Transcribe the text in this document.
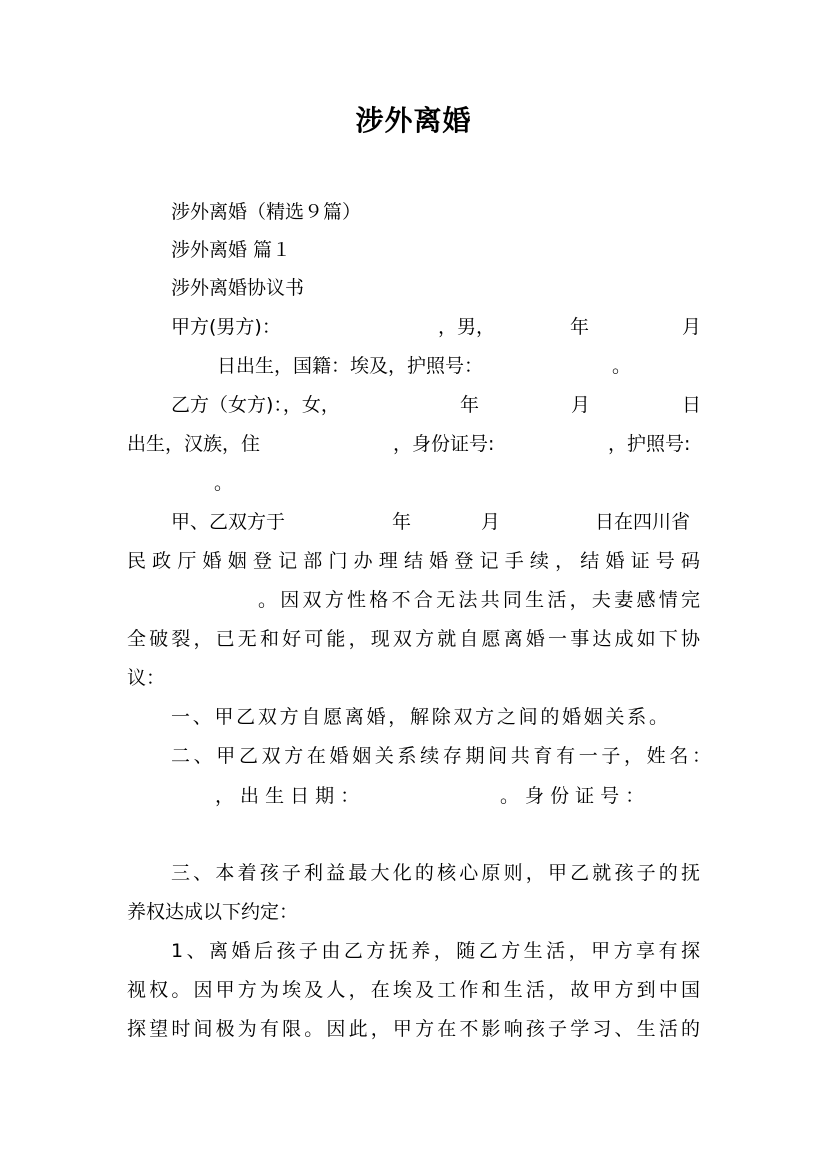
涉外离婚
涉外离婚（精选９篇）
涉外离婚 篇１
涉外离婚协议书
甲方(男方)：	，男，	年	月
日出生，国籍：埃及，护照号：	。
乙方（女方)：，女，	年	月	日
出生，汉族，住	，身份证号:	，护照号:
。
甲、乙双方于	年	月	日在四川省
民政厅婚姻登记部门办理结婚登记手续，结婚证号码
。因双方性格不合无法共同生活，夫妻感情完
全破裂，已无和好可能，现双方就自愿离婚一事达成如下协
议：
一、甲乙双方自愿离婚，解除双方之间的婚姻关系。
二、甲乙双方在婚姻关系续存期间共育有一子，姓名：
， 出 生 日 期 ：	。 身 份 证 号 ：
三、本着孩子利益最大化的核心原则，甲乙就孩子的抚
养权达成以下约定：
1、离婚后孩子由乙方抚养，随乙方生活，甲方享有探
视权。因甲方为埃及人，在埃及工作和生活，故甲方到中国
探望时间极为有限。因此，甲方在不影响孩子学习、生活的
